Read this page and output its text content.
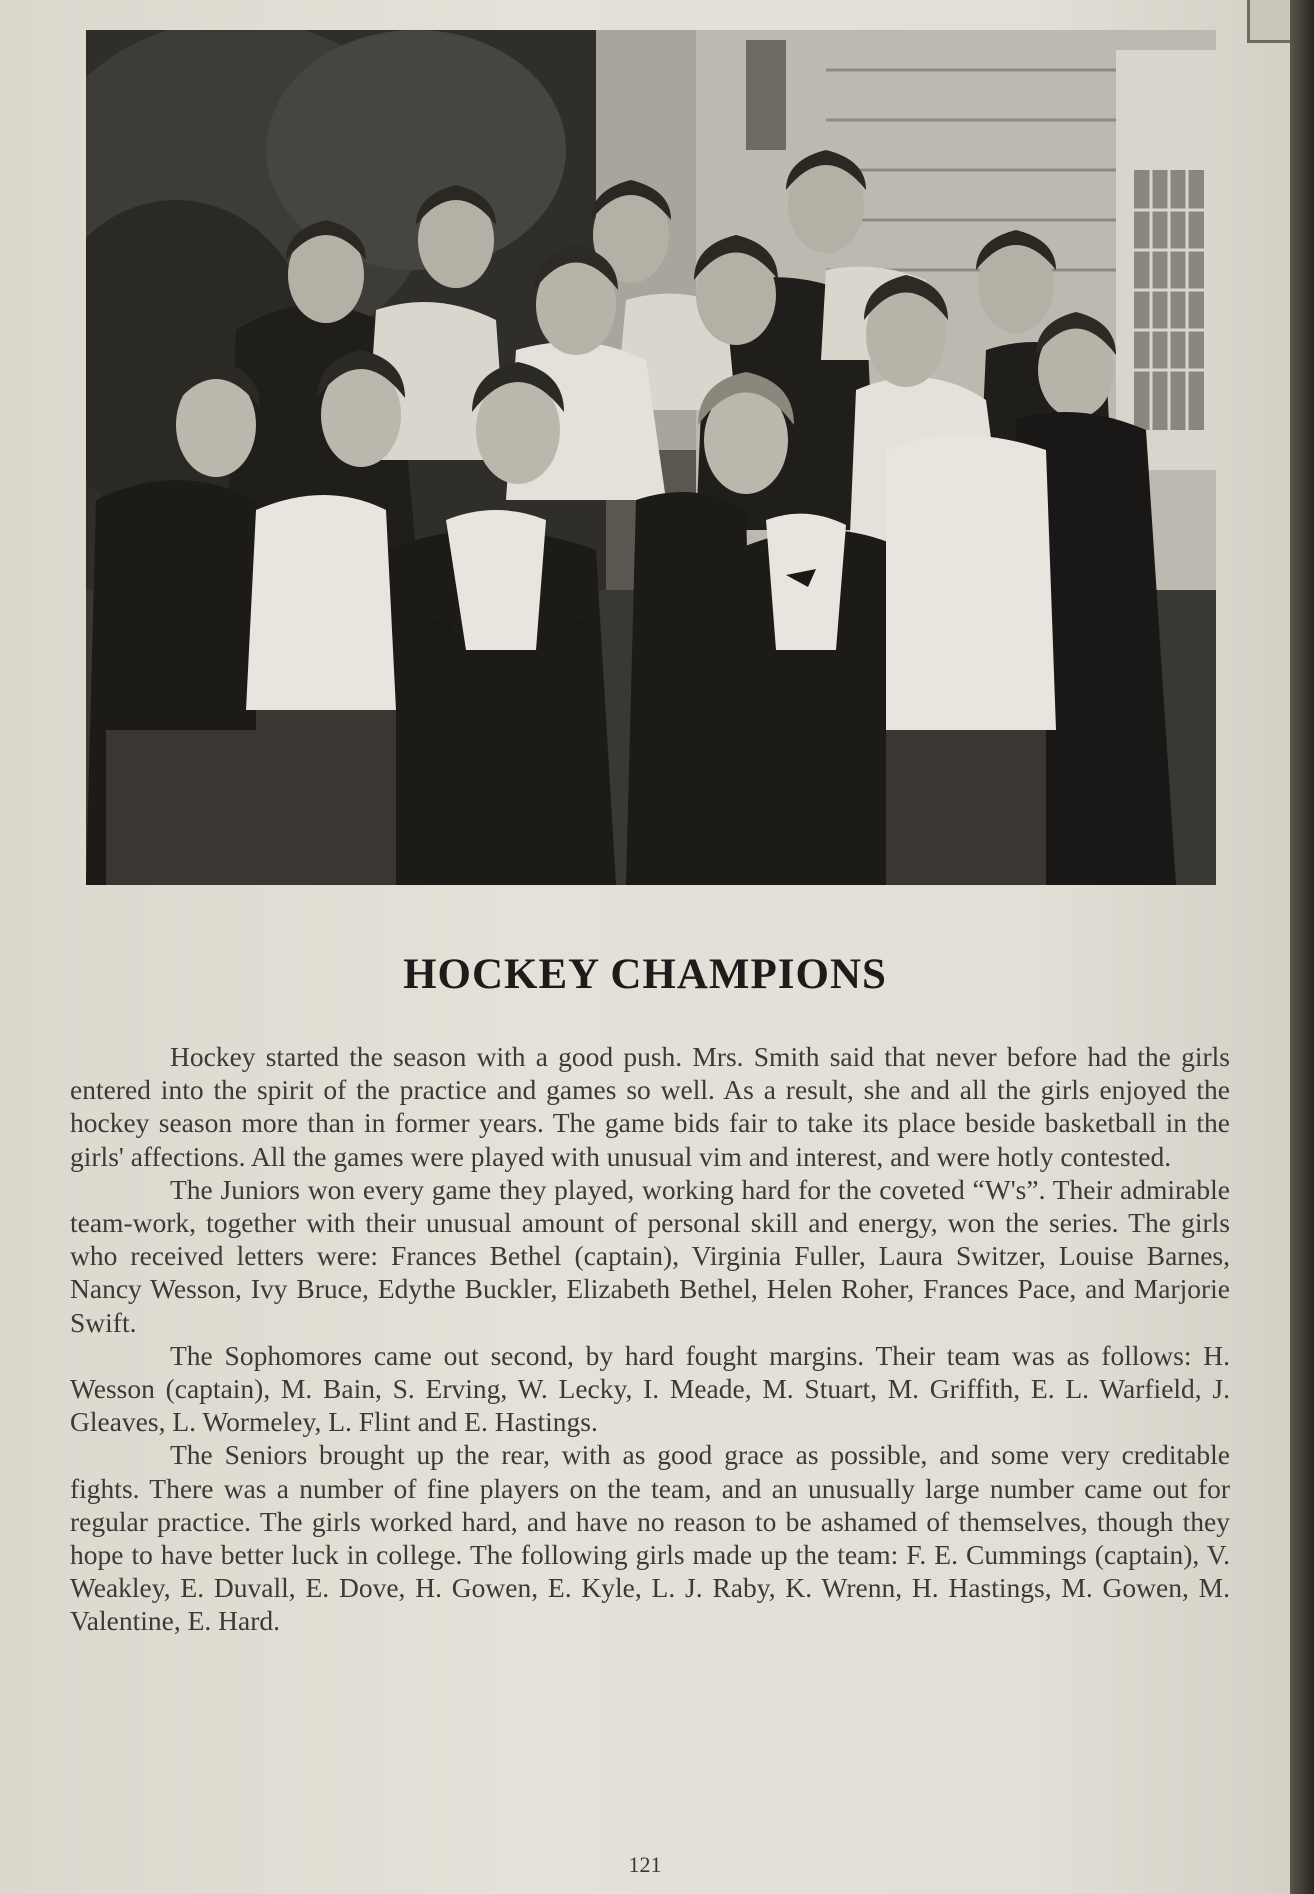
HOCKEY CHAMPIONS

Hockey started the season with a good push. Mrs. Smith said that never before had the girls entered into the spirit of the practice and games so well. As a result, she and all the girls enjoyed the hockey season more than in former years. The game bids fair to take its place beside basketball in the girls' affections. All the games were played with unusual vim and interest, and were hotly contested.

The Juniors won every game they played, working hard for the coveted “W's”. Their admirable team-work, together with their unusual amount of personal skill and energy, won the series. The girls who received letters were: Frances Bethel (captain), Virginia Fuller, Laura Switzer, Louise Barnes, Nancy Wesson, Ivy Bruce, Edythe Buckler, Elizabeth Bethel, Helen Roher, Frances Pace, and Marjorie Swift.

The Sophomores came out second, by hard fought margins. Their team was as follows: H. Wesson (captain), M. Bain, S. Erving, W. Lecky, I. Meade, M. Stuart, M. Griffith, E. L. Warfield, J. Gleaves, L. Wormeley, L. Flint and E. Hastings.

The Seniors brought up the rear, with as good grace as possible, and some very creditable fights. There was a number of fine players on the team, and an unusually large number came out for regular practice. The girls worked hard, and have no reason to be ashamed of themselves, though they hope to have better luck in college. The following girls made up the team: F. E. Cummings (captain), V. Weakley, E. Duvall, E. Dove, H. Gowen, E. Kyle, L. J. Raby, K. Wrenn, H. Hastings, M. Gowen, M. Valentine, E. Hard.

121
